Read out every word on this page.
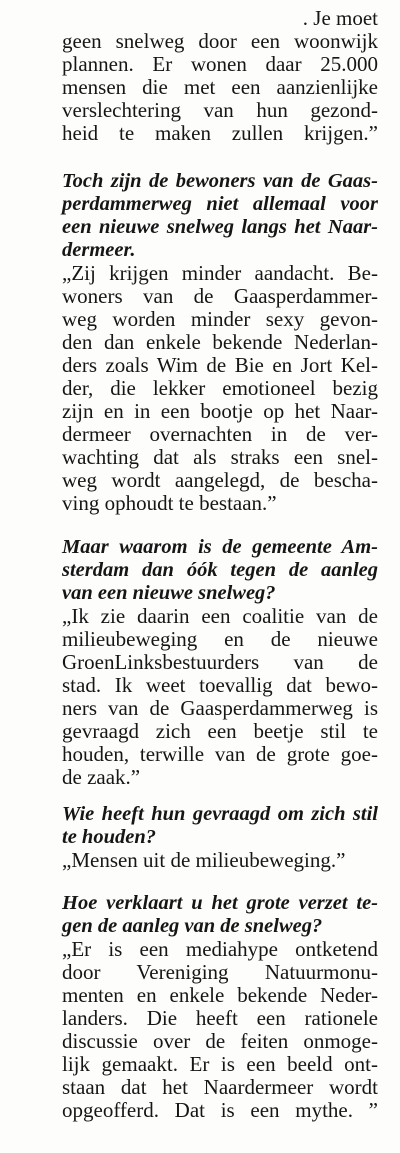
. Je moet
geen snelweg door een woonwijk
plannen. Er wonen daar 25.000
mensen die met een aanzienlijke
verslechtering van hun gezond-
heid te maken zullen krijgen.”
Toch zijn de bewoners van de Gaas-
perdammerweg niet allemaal voor
een nieuwe snelweg langs het Naar-
dermeer.
„Zij krijgen minder aandacht. Be-
woners van de Gaasperdammer-
weg worden minder sexy gevon-
den dan enkele bekende Nederlan-
ders zoals Wim de Bie en Jort Kel-
der, die lekker emotioneel bezig
zijn en in een bootje op het Naar-
dermeer overnachten in de ver-
wachting dat als straks een snel-
weg wordt aangelegd, de bescha-
ving ophoudt te bestaan.”
Maar waarom is de gemeente Am-
sterdam dan óók tegen de aanleg
van een nieuwe snelweg?
„Ik zie daarin een coalitie van de
milieubeweging en de nieuwe
GroenLinksbestuurders van de
stad. Ik weet toevallig dat bewo-
ners van de Gaasperdammerweg is
gevraagd zich een beetje stil te
houden, terwille van de grote goe-
de zaak.”
Wie heeft hun gevraagd om zich stil
te houden?
„Mensen uit de milieubeweging.”
Hoe verklaart u het grote verzet te-
gen de aanleg van de snelweg?
„Er is een mediahype ontketend
door Vereniging Natuurmonu-
menten en enkele bekende Neder-
landers. Die heeft een rationele
discussie over de feiten onmoge-
lijk gemaakt. Er is een beeld ont-
staan dat het Naardermeer wordt
opgeofferd. Dat is een mythe. ”
